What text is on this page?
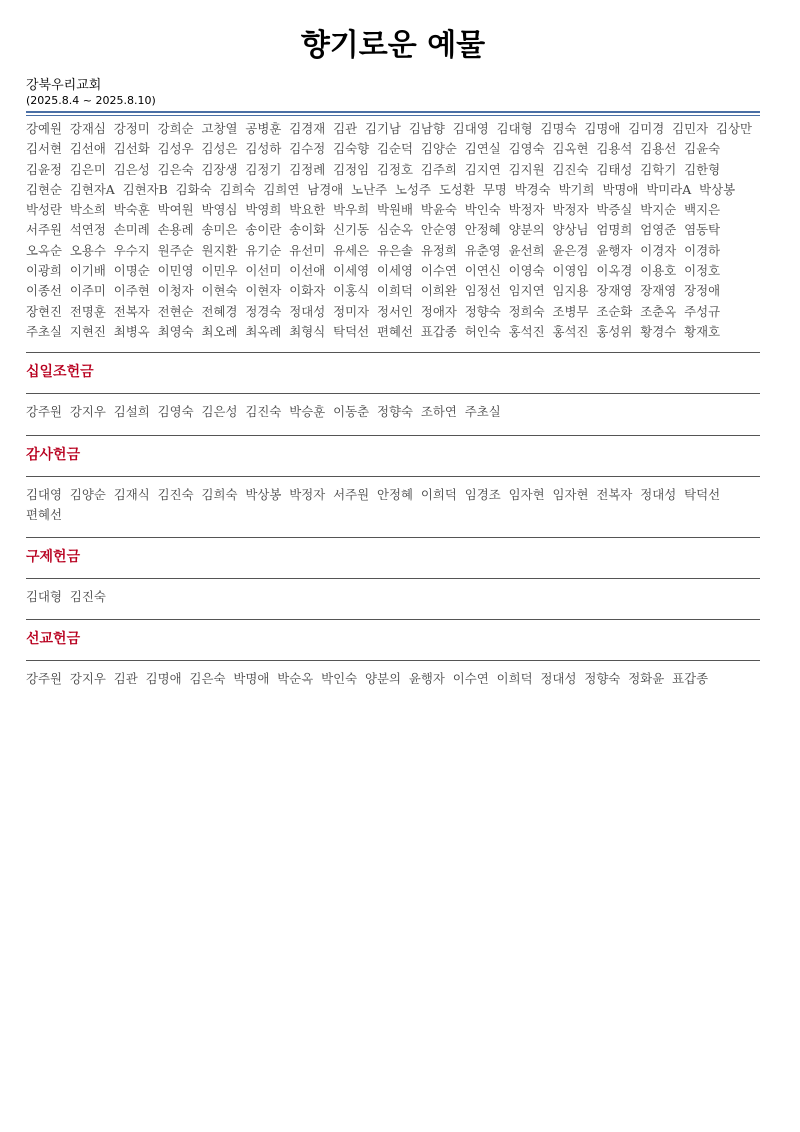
향기로운 예물
강북우리교회
(2025.8.4 ~ 2025.8.10)
강예원 강재심 강정미 강희순 고창열 공병훈 김경재 김관 김기남 김남향 김대영 김대형 김명숙 김명애 김미경 김민자 김상만 김서현 김선애 김선화 김성우 김성은 김성하 김수정 김숙향 김순덕 김양순 김연실 김영숙 김옥현 김용석 김용선 김윤숙 김윤정 김은미 김은성 김은숙 김장생 김정기 김정례 김정임 김정호 김주희 김지연 김지원 김진숙 김태성 김학기 김한형 김현순 김현자A 김현자B 김화숙 김희숙 김희연 남경애 노난주 노성주 도성환 무명 박경숙 박기희 박명애 박미라A 박상봉 박성란 박소희 박숙훈 박여원 박영심 박영희 박요한 박우희 박원배 박윤숙 박인숙 박정자 박정자 박증실 박지순 백지은 서주원 석연정 손미례 손용례 송미은 송이란 송이화 신기동 심순옥 안순영 안정혜 양분의 양상님 엄명희 엄영준 염동탁 오옥순 오용수 우수지 원주순 원지환 유기순 유선미 유세은 유은솔 유정희 유춘영 윤선희 윤은경 윤행자 이경자 이경하 이광희 이기배 이명순 이민영 이민우 이선미 이선애 이세영 이세영 이수연 이연신 이영숙 이영임 이옥경 이용호 이정호 이종선 이주미 이주현 이청자 이현숙 이현자 이화자 이홍식 이희덕 이희완 임정선 임지연 임지용 장재영 장재영 장정애 장현진 전명훈 전복자 전현순 전혜경 정경숙 정대성 정미자 정서인 정애자 정향숙 정희숙 조병무 조순화 조춘옥 주성규 주초실 지현진 최병옥 최영숙 최오례 최옥례 최형식 탁덕선 편혜선 표갑종 허인숙 홍석진 홍석진 홍성위 황경수 황재호
십일조헌금
강주원 강지우 김설희 김영숙 김은성 김진숙 박승훈 이동춘 정향숙 조하연 주초실
감사헌금
김대영 김양순 김재식 김진숙 김희숙 박상봉 박정자 서주원 안정혜 이희덕 임경조 임자현 임자현 전복자 정대성 탁덕선 편혜선
구제헌금
김대형 김진숙
선교헌금
강주원 강지우 김관 김명애 김은숙 박명애 박순옥 박인숙 양분의 윤행자 이수연 이희덕 정대성 정향숙 정화윤 표갑종
